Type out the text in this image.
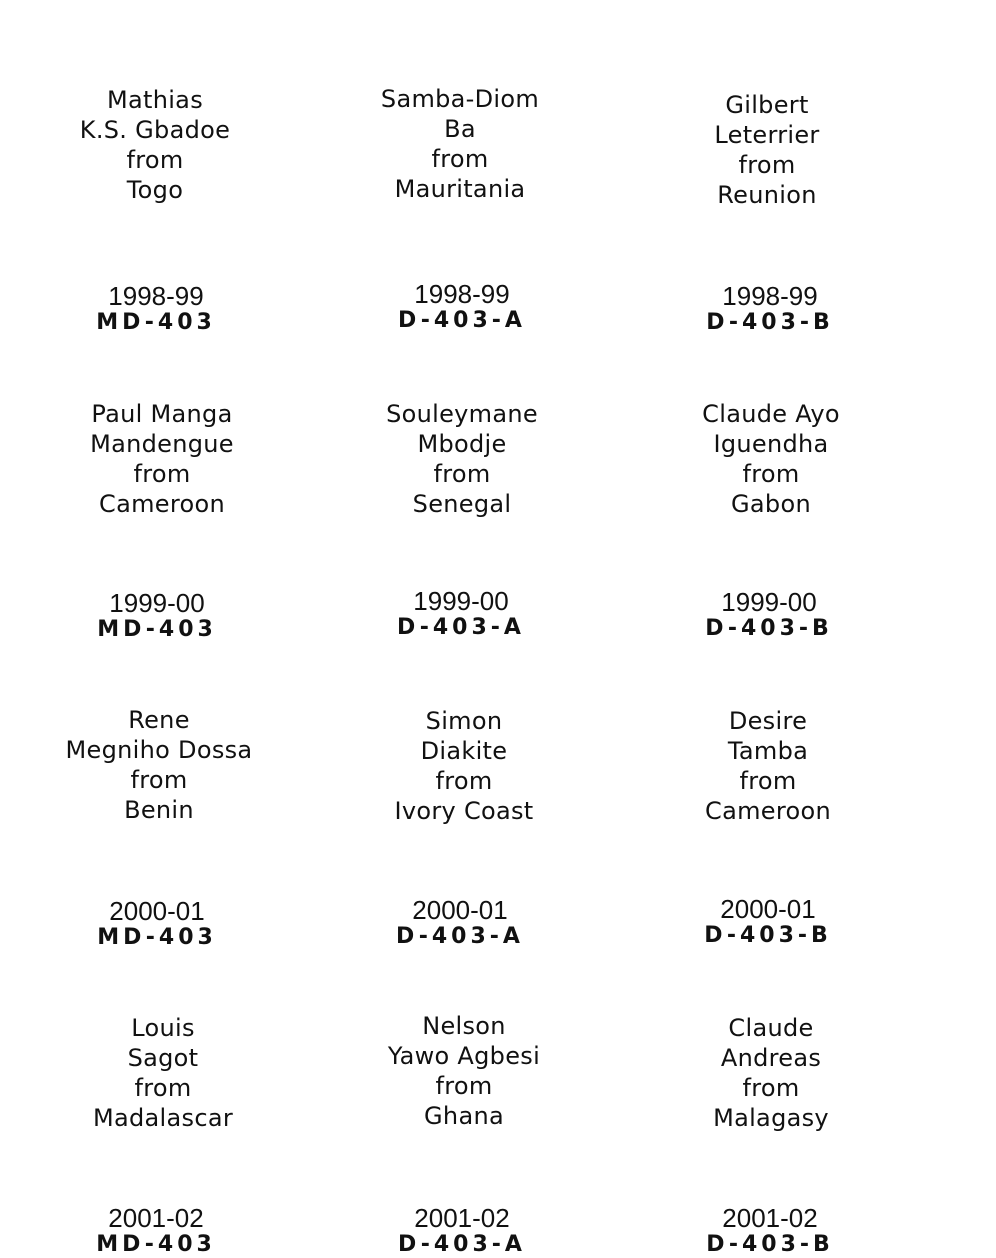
Mathias
K.S. Gbadoe
from
Togo
Samba-Diom
Ba
from
Mauritania
Gilbert
Leterrier
from
Reunion
1998-99
MD-403
1998-99
D-403-A
1998-99
D-403-B
Paul Manga
Mandengue
from
Cameroon
Souleymane
Mbodje
from
Senegal
Claude Ayo
Iguendha
from
Gabon
1999-00
MD-403
1999-00
D-403-A
1999-00
D-403-B
Rene
Megniho Dossa
from
Benin
Simon
Diakite
from
Ivory Coast
Desire
Tamba
from
Cameroon
2000-01
MD-403
2000-01
D-403-A
2000-01
D-403-B
Louis
Sagot
from
Madalascar
Nelson
Yawo Agbesi
from
Ghana
Claude
Andreas
from
Malagasy
2001-02
MD-403
2001-02
D-403-A
2001-02
D-403-B
